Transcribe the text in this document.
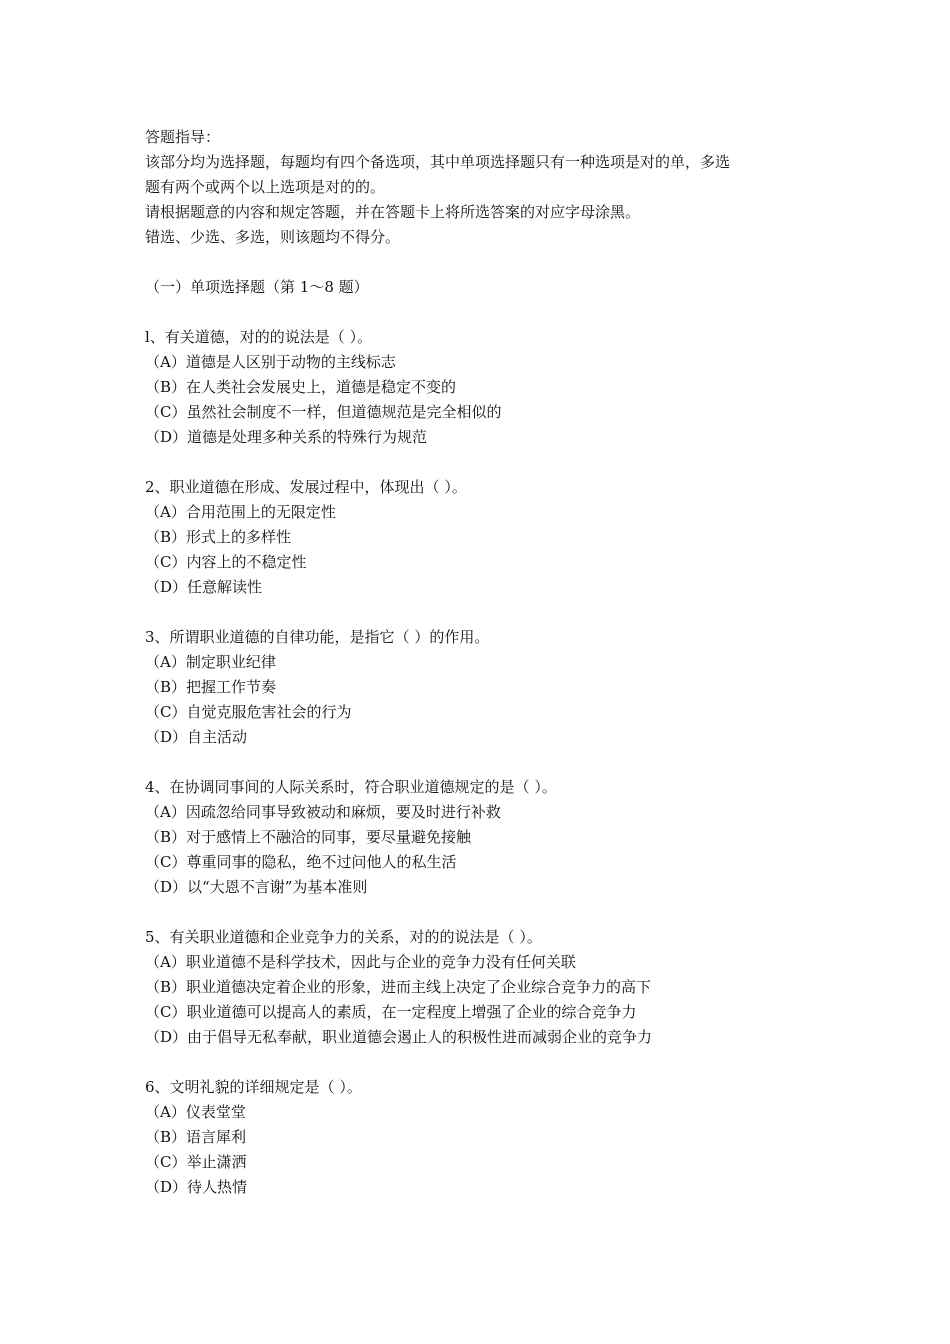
答题指导：
该部分均为选择题，每题均有四个备选项，其中单项选择题只有一种选项是对的单，多选
题有两个或两个以上选项是对的的。
请根据题意的内容和规定答题，并在答题卡上将所选答案的对应字母涂黑。
错选、少选、多选，则该题均不得分。
（一）单项选择题（第 1～8 题）
l、有关道德，对的的说法是（ ）。
（A）道德是人区别于动物的主线标志
（B）在人类社会发展史上，道德是稳定不变的
（C）虽然社会制度不一样，但道德规范是完全相似的
（D）道德是处理多种关系的特殊行为规范
2、职业道德在形成、发展过程中，体现出（ ）。
（A）合用范围上的无限定性
（B）形式上的多样性
（C）内容上的不稳定性
（D）任意解读性
3、所谓职业道德的自律功能，是指它（ ）的作用。
（A）制定职业纪律
（B）把握工作节奏
（C）自觉克服危害社会的行为
（D）自主活动
4、在协调同事间的人际关系时，符合职业道德规定的是（ ）。
（A）因疏忽给同事导致被动和麻烦，要及时进行补救
（B）对于感情上不融洽的同事，要尽量避免接触
（C）尊重同事的隐私，绝不过问他人的私生活
（D）以“大恩不言谢”为基本准则
5、有关职业道德和企业竞争力的关系，对的的说法是（ ）。
（A）职业道德不是科学技术，因此与企业的竞争力没有任何关联
（B）职业道德决定着企业的形象，进而主线上决定了企业综合竞争力的高下
（C）职业道德可以提高人的素质，在一定程度上增强了企业的综合竞争力
（D）由于倡导无私奉献，职业道德会遏止人的积极性进而减弱企业的竞争力
6、文明礼貌的详细规定是（ ）。
（A）仪表堂堂
（B）语言犀利
（C）举止潇洒
（D）待人热情
